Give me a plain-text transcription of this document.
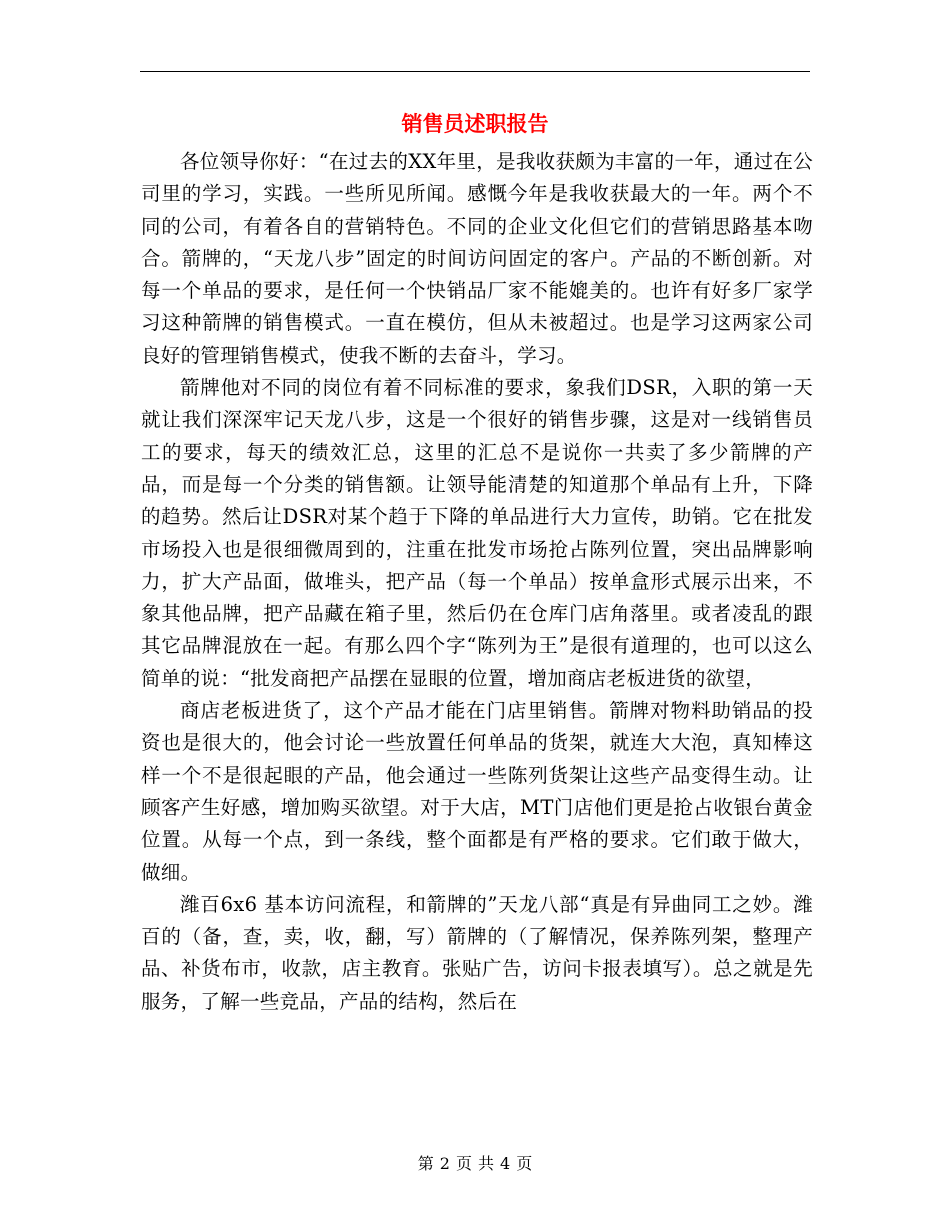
销售员述职报告

各位领导你好：“在过去的XX年里，是我收获颇为丰富的一年，通过在公司里的学习，实践。一些所见所闻。感慨今年是我收获最大的一年。两个不同的公司，有着各自的营销特色。不同的企业文化但它们的营销思路基本吻合。箭牌的，“天龙八步”固定的时间访问固定的客户。产品的不断创新。对每一个单品的要求，是任何一个快销品厂家不能媲美的。也许有好多厂家学习这种箭牌的销售模式。一直在模仿，但从未被超过。也是学习这两家公司良好的管理销售模式，使我不断的去奋斗，学习。

箭牌他对不同的岗位有着不同标准的要求，象我们DSR，入职的第一天就让我们深深牢记天龙八步，这是一个很好的销售步骤，这是对一线销售员工的要求，每天的绩效汇总，这里的汇总不是说你一共卖了多少箭牌的产品，而是每一个分类的销售额。让领导能清楚的知道那个单品有上升，下降的趋势。然后让DSR对某个趋于下降的单品进行大力宣传，助销。它在批发市场投入也是很细微周到的，注重在批发市场抢占陈列位置，突出品牌影响力，扩大产品面，做堆头，把产品（每一个单品）按单盒形式展示出来，不象其他品牌，把产品藏在箱子里，然后仍在仓库门店角落里。或者凌乱的跟其它品牌混放在一起。有那么四个字“陈列为王”是很有道理的，也可以这么简单的说：“批发商把产品摆在显眼的位置，增加商店老板进货的欲望，

商店老板进货了，这个产品才能在门店里销售。箭牌对物料助销品的投资也是很大的，他会讨论一些放置任何单品的货架，就连大大泡，真知棒这样一个不是很起眼的产品，他会通过一些陈列货架让这些产品变得生动。让顾客产生好感，增加购买欲望。对于大店，MT门店他们更是抢占收银台黄金位置。从每一个点，到一条线，整个面都是有严格的要求。它们敢于做大，做细。

潍百6x6 基本访问流程，和箭牌的”天龙八部“真是有异曲同工之妙。潍百的（备，查，卖，收，翻，写）箭牌的（了解情况，保养陈列架，整理产品、补货布市，收款，店主教育。张贴广告，访问卡报表填写）。总之就是先服务，了解一些竞品，产品的结构，然后在

第 2 页 共 4 页
